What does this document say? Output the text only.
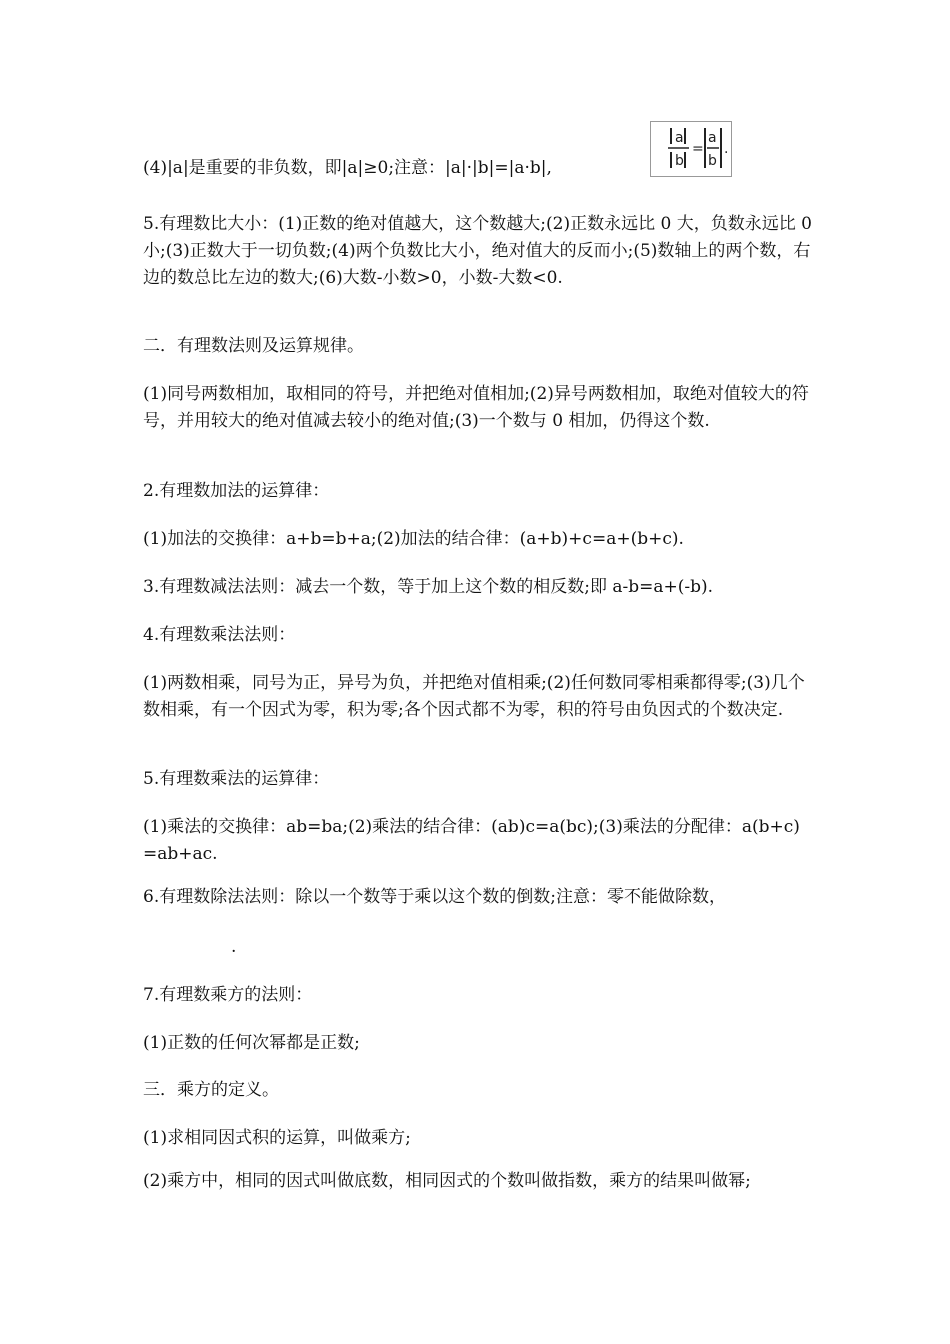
(4)|a|是重要的非负数，即|a|≥0;注意：|a|·|b|=|a·b|,

a
b
=
a
b
.

5.有理数比大小：(1)正数的绝对值越大，这个数越大;(2)正数永远比 0 大，负数永远比 0 小;(3)正数大于一切负数;(4)两个负数比大小，绝对值大的反而小;(5)数轴上的两个数，右边的数总比左边的数大;(6)大数-小数>0，小数-大数<0.

二．有理数法则及运算规律。

(1)同号两数相加，取相同的符号，并把绝对值相加;(2)异号两数相加，取绝对值较大的符号，并用较大的绝对值减去较小的绝对值;(3)一个数与 0 相加，仍得这个数.

2.有理数加法的运算律：

(1)加法的交换律：a+b=b+a;(2)加法的结合律：(a+b)+c=a+(b+c).

3.有理数减法法则：减去一个数，等于加上这个数的相反数;即 a-b=a+(-b).

4.有理数乘法法则：

(1)两数相乘，同号为正，异号为负，并把绝对值相乘;(2)任何数同零相乘都得零;(3)几个数相乘，有一个因式为零，积为零;各个因式都不为零，积的符号由负因式的个数决定.

5.有理数乘法的运算律：

(1)乘法的交换律：ab=ba;(2)乘法的结合律：(ab)c=a(bc);(3)乘法的分配律：a(b+c)=ab+ac.

6.有理数除法法则：除以一个数等于乘以这个数的倒数;注意：零不能做除数，

.

7.有理数乘方的法则：

(1)正数的任何次幂都是正数;

三．乘方的定义。

(1)求相同因式积的运算，叫做乘方;

(2)乘方中，相同的因式叫做底数，相同因式的个数叫做指数，乘方的结果叫做幂;
